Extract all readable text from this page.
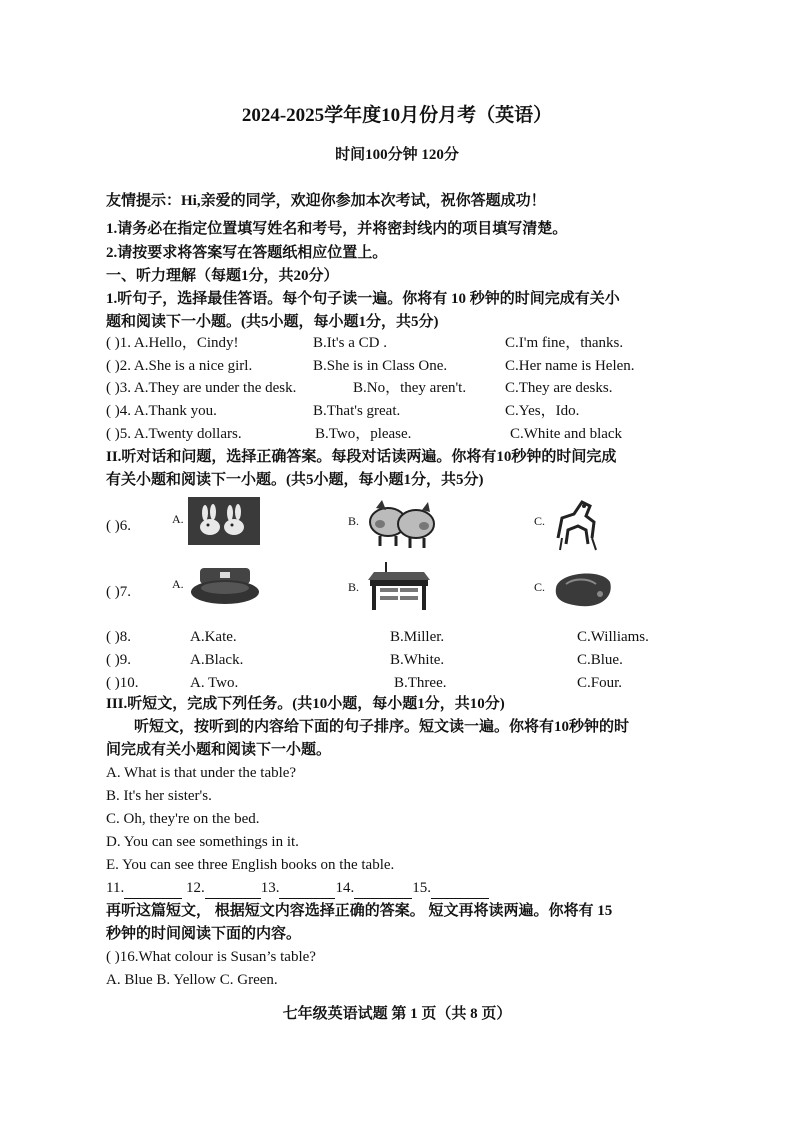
2024-2025学年度10月份月考（英语）
时间100分钟 120分
友情提示：Hi,亲爱的同学，欢迎你参加本次考试，祝你答题成功！
1.请务必在指定位置填写姓名和考号，并将密封线内的项目填写清楚。
2.请按要求将答案写在答题纸相应位置上。
一、听力理解（每题1分，共20分）
1.听句子，选择最佳答语。每个句子读一遍。你将有 10 秒钟的时间完成有关小
题和阅读下一小题。(共5小题，每小题1分，共5分)
( )1. A.Hello，Cindy!	B.It's a CD .	C.I'm fine，thanks.
( )2. A.She is a nice girl.	B.She is in Class One.	C.Her name is Helen.
( )3. A.They are under the desk.	B.No，they aren't.	C.They are desks.
( )4. A.Thank you.	B.That's great.	C.Yes，Ido.
( )5. A.Twenty dollars.	B.Two，please.	C.White and black
II.听对话和问题，选择正确答案。每段对话读两遍。你将有10秒钟的时间完成
有关小题和阅读下一小题。(共5小题，每小题1分，共5分)
( )6.	A.	B.	C.
( )7.	A.	B.	C.
( )8.	A.Kate.	B.Miller.	C.Williams.
( )9.	A.Black.	B.White.	C.Blue.
( )10.	A. Two.	B.Three.	C.Four.
III.听短文，完成下列任务。(共10小题，每小题1分，共10分)
听短文，按听到的内容给下面的句子排序。短文读一遍。你将有10秒钟的时
间完成有关小题和阅读下一小题。
A. What is that under the table?
B. It's her sister's.
C. Oh, they're on the bed.
D. You can see somethings in it.
E. You can see three English books on the table.
11.	12.	13.	14.	15.
再听这篇短文， 根据短文内容选择正确的答案。 短文再将读两遍。你将有 15
秒钟的时间阅读下面的内容。
( )16.What colour is Susan’s table?
A. Blue B. Yellow C. Green.
七年级英语试题 第 1 页（共 8 页）
